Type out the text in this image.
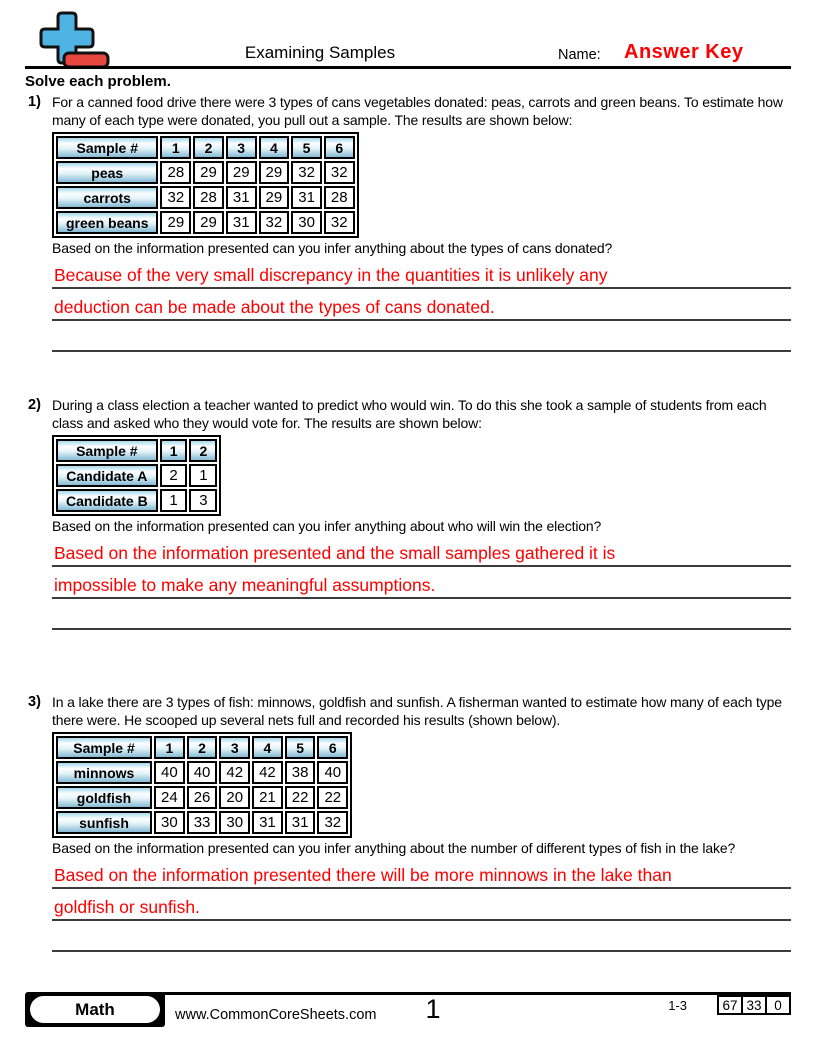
Examining Samples	Name: Answer Key
Solve each problem.
1) For a canned food drive there were 3 types of cans vegetables donated: peas, carrots and green beans. To estimate how many of each type were donated, you pull out a sample. The results are shown below:
Sample #	1	2	3	4	5	6
peas	28	29	29	29	32	32
carrots	32	28	31	29	31	28
green beans	29	29	31	32	30	32
Based on the information presented can you infer anything about the types of cans donated?
Because of the very small discrepancy in the quantities it is unlikely any
deduction can be made about the types of cans donated.
2) During a class election a teacher wanted to predict who would win. To do this she took a sample of students from each class and asked who they would vote for. The results are shown below:
Sample #	1	2
Candidate A	2	1
Candidate B	1	3
Based on the information presented can you infer anything about who will win the election?
Based on the information presented and the small samples gathered it is
impossible to make any meaningful assumptions.
3) In a lake there are 3 types of fish: minnows, goldfish and sunfish. A fisherman wanted to estimate how many of each type there were. He scooped up several nets full and recorded his results (shown below).
Sample #	1	2	3	4	5	6
minnows	40	40	42	42	38	40
goldfish	24	26	20	21	22	22
sunfish	30	33	30	31	31	32
Based on the information presented can you infer anything about the number of different types of fish in the lake?
Based on the information presented there will be more minnows in the lake than
goldfish or sunfish.
Math	www.CommonCoreSheets.com	1	1-3	67 33 0
